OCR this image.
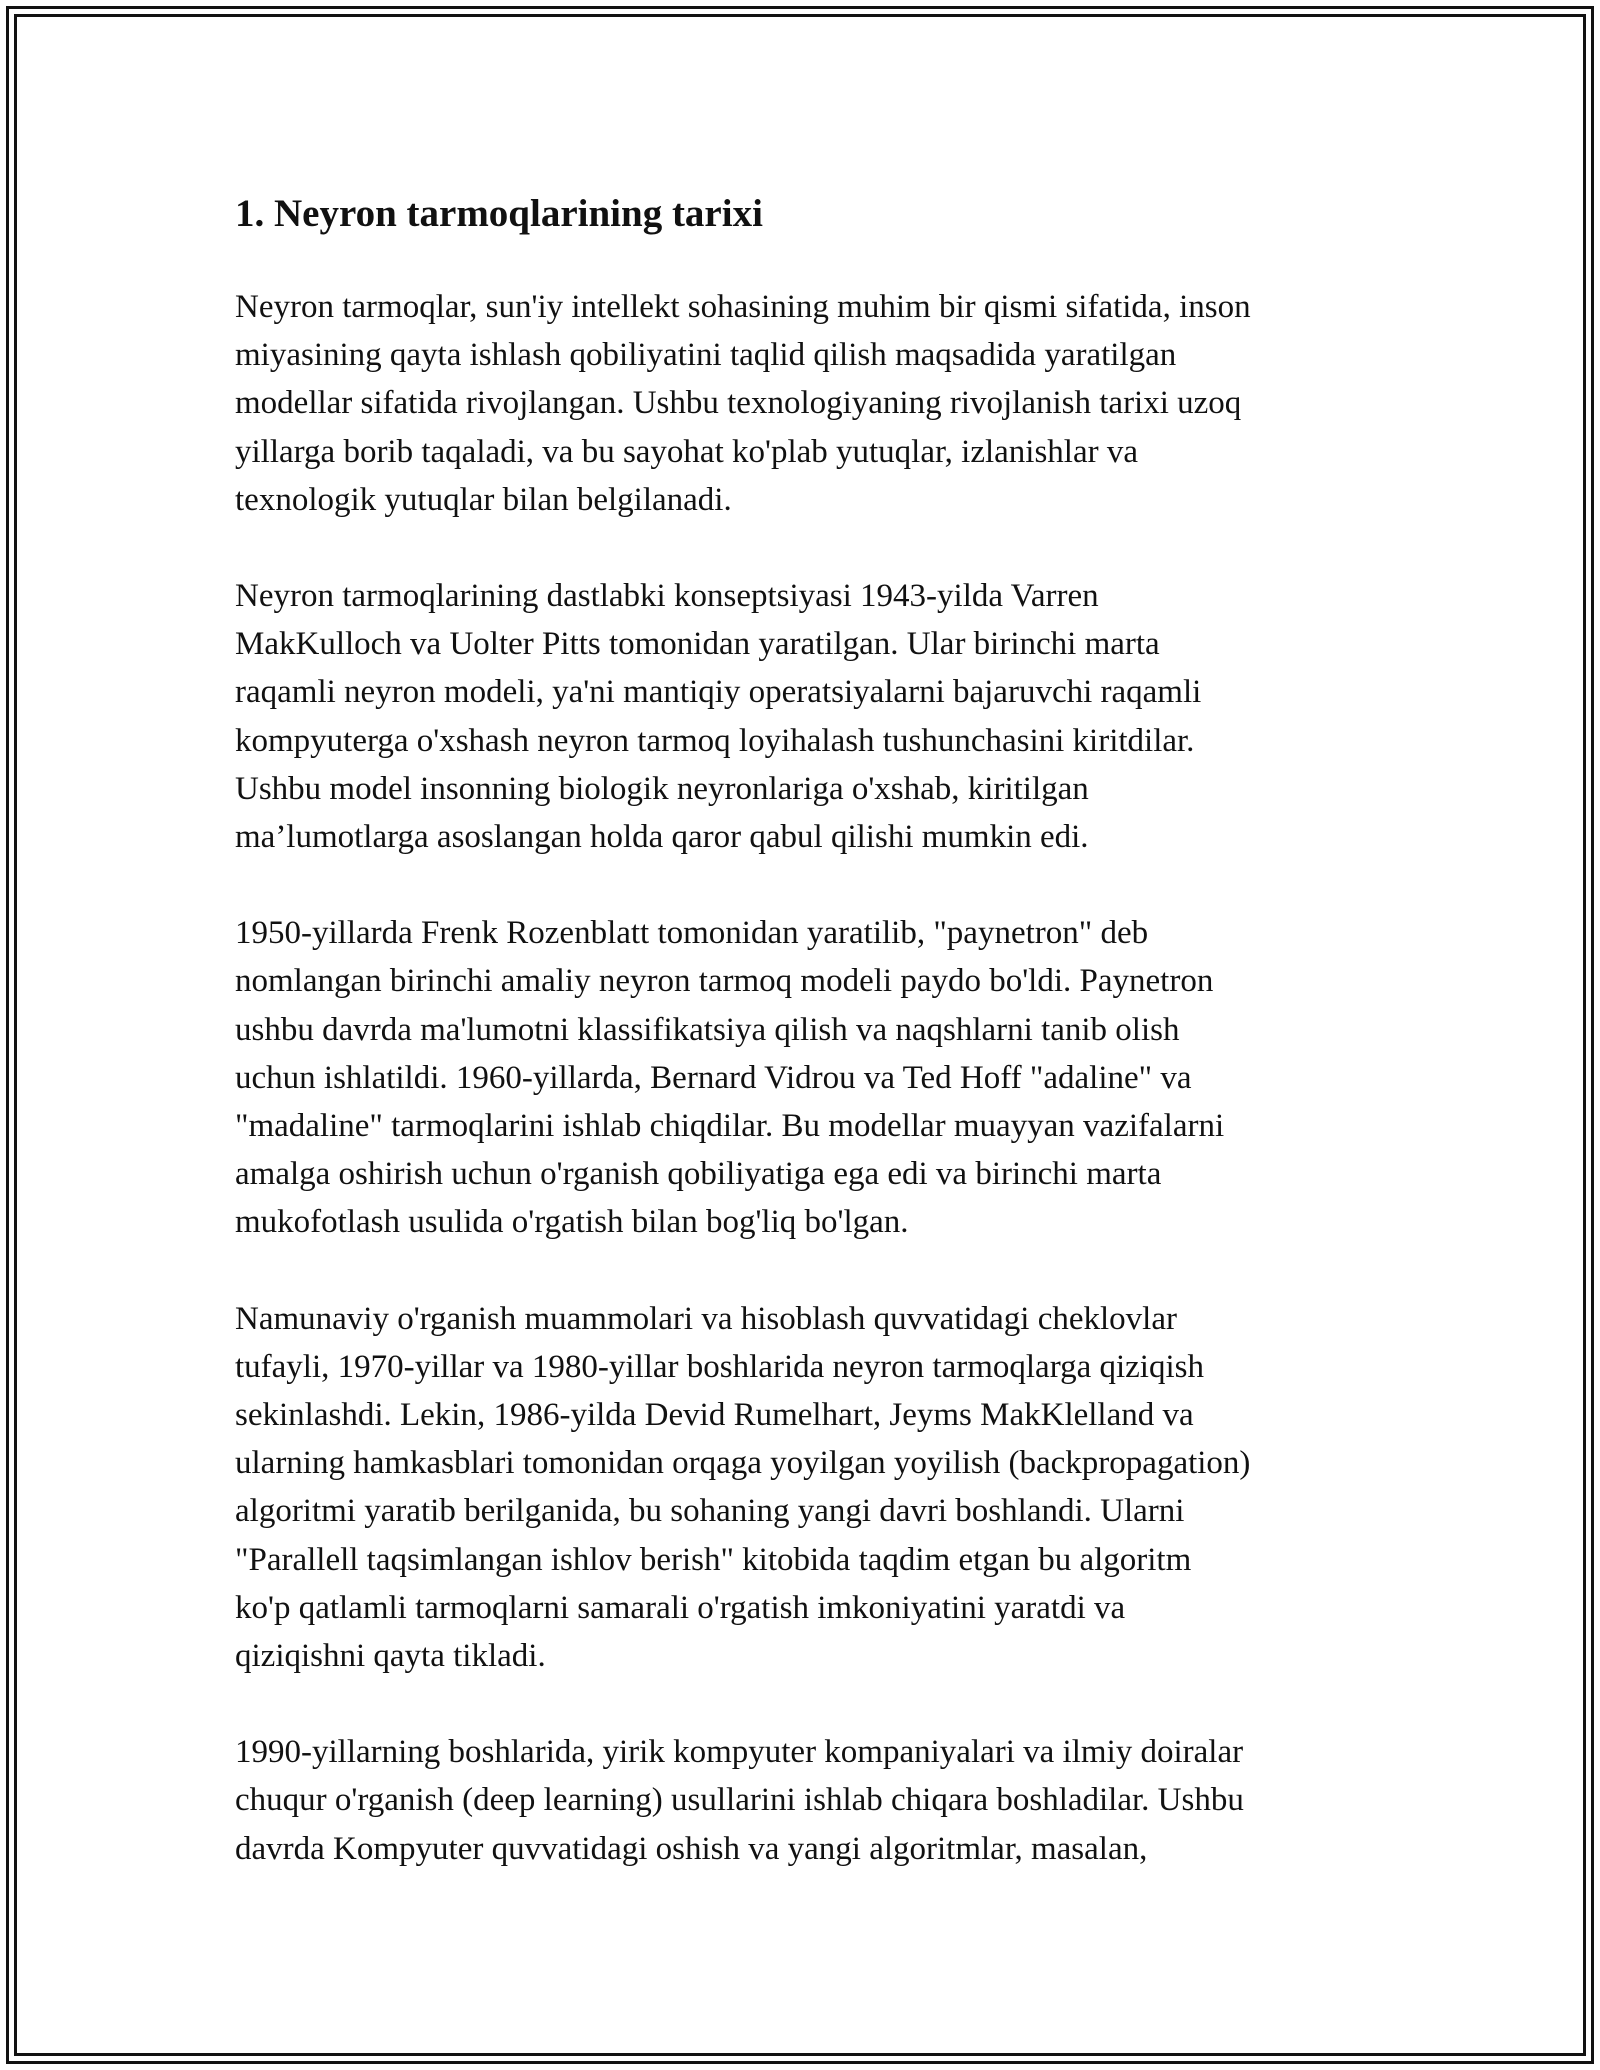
1. Neyron tarmoqlarining tarixi

Neyron tarmoqlar, sun'iy intellekt sohasining muhim bir qismi sifatida, inson
miyasining qayta ishlash qobiliyatini taqlid qilish maqsadida yaratilgan
modellar sifatida rivojlangan. Ushbu texnologiyaning rivojlanish tarixi uzoq
yillarga borib taqaladi, va bu sayohat ko'plab yutuqlar, izlanishlar va
texnologik yutuqlar bilan belgilanadi.

Neyron tarmoqlarining dastlabki konseptsiyasi 1943-yilda Varren
MakKulloch va Uolter Pitts tomonidan yaratilgan. Ular birinchi marta
raqamli neyron modeli, ya'ni mantiqiy operatsiyalarni bajaruvchi raqamli
kompyuterga o'xshash neyron tarmoq loyihalash tushunchasini kiritdilar.
Ushbu model insonning biologik neyronlariga o'xshab, kiritilgan
ma’lumotlarga asoslangan holda qaror qabul qilishi mumkin edi.

1950-yillarda Frenk Rozenblatt tomonidan yaratilib, "paynetron" deb
nomlangan birinchi amaliy neyron tarmoq modeli paydo bo'ldi. Paynetron
ushbu davrda ma'lumotni klassifikatsiya qilish va naqshlarni tanib olish
uchun ishlatildi. 1960-yillarda, Bernard Vidrou va Ted Hoff "adaline" va
"madaline" tarmoqlarini ishlab chiqdilar. Bu modellar muayyan vazifalarni
amalga oshirish uchun o'rganish qobiliyatiga ega edi va birinchi marta
mukofotlash usulida o'rgatish bilan bog'liq bo'lgan.

Namunaviy o'rganish muammolari va hisoblash quvvatidagi cheklovlar
tufayli, 1970-yillar va 1980-yillar boshlarida neyron tarmoqlarga qiziqish
sekinlashdi. Lekin, 1986-yilda Devid Rumelhart, Jeyms MakKlelland va
ularning hamkasblari tomonidan orqaga yoyilgan yoyilish (backpropagation)
algoritmi yaratib berilganida, bu sohaning yangi davri boshlandi. Ularni
"Parallell taqsimlangan ishlov berish" kitobida taqdim etgan bu algoritm
ko'p qatlamli tarmoqlarni samarali o'rgatish imkoniyatini yaratdi va
qiziqishni qayta tikladi.

1990-yillarning boshlarida, yirik kompyuter kompaniyalari va ilmiy doiralar
chuqur o'rganish (deep learning) usullarini ishlab chiqara boshladilar. Ushbu
davrda Kompyuter quvvatidagi oshish va yangi algoritmlar, masalan,
